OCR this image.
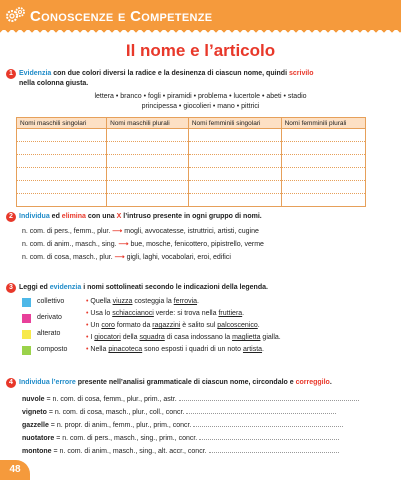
Conoscenze e Competenze
Il nome e l’articolo
1 Evidenzia con due colori diversi la radice e la desinenza di ciascun nome, quindi scrivilo
nella colonna giusta.
lettera • branco • fogli • piramidi • problema • lucertole • abeti • stadio
principessa • giocolieri • mano • pittrici
Nomi maschili singolari	Nomi maschili plurali	Nomi femminili singolari	Nomi femminili plurali

2 Individua ed elimina con una X l’intruso presente in ogni gruppo di nomi.
n. com. di pers., femm., plur. ⟶ mogli, avvocatesse, istruttrici, artisti, cugine
n. com. di anim., masch., sing. ⟶ bue, mosche, fenicottero, pipistrello, verme
n. com. di cosa, masch., plur. ⟶ gigli, laghi, vocabolari, eroi, edifici
3 Leggi ed evidenzia i nomi sottolineati secondo le indicazioni della legenda.
collettivo
derivato
alterato
composto
• Quella viuzza costeggia la ferrovia.
• Usa lo schiaccianoci verde: si trova nella fruttiera.
• Un coro formato da ragazzini è salito sul palcoscenico.
• I giocatori della squadra di casa indossano la maglietta gialla.
• Nella pinacoteca sono esposti i quadri di un noto artista.
4 Individua l’errore presente nell’analisi grammaticale di ciascun nome, circondalo e correggilo.
nuvole = n. com. di cosa, femm., plur., prim., astr.
vigneto = n. com. di cosa, masch., plur., coll., concr.
gazzelle = n. propr. di anim., femm., plur., prim., concr.
nuotatore = n. com. di pers., masch., sing., prim., concr.
montone = n. com. di anim., masch., sing., alt. accr., concr.
48
